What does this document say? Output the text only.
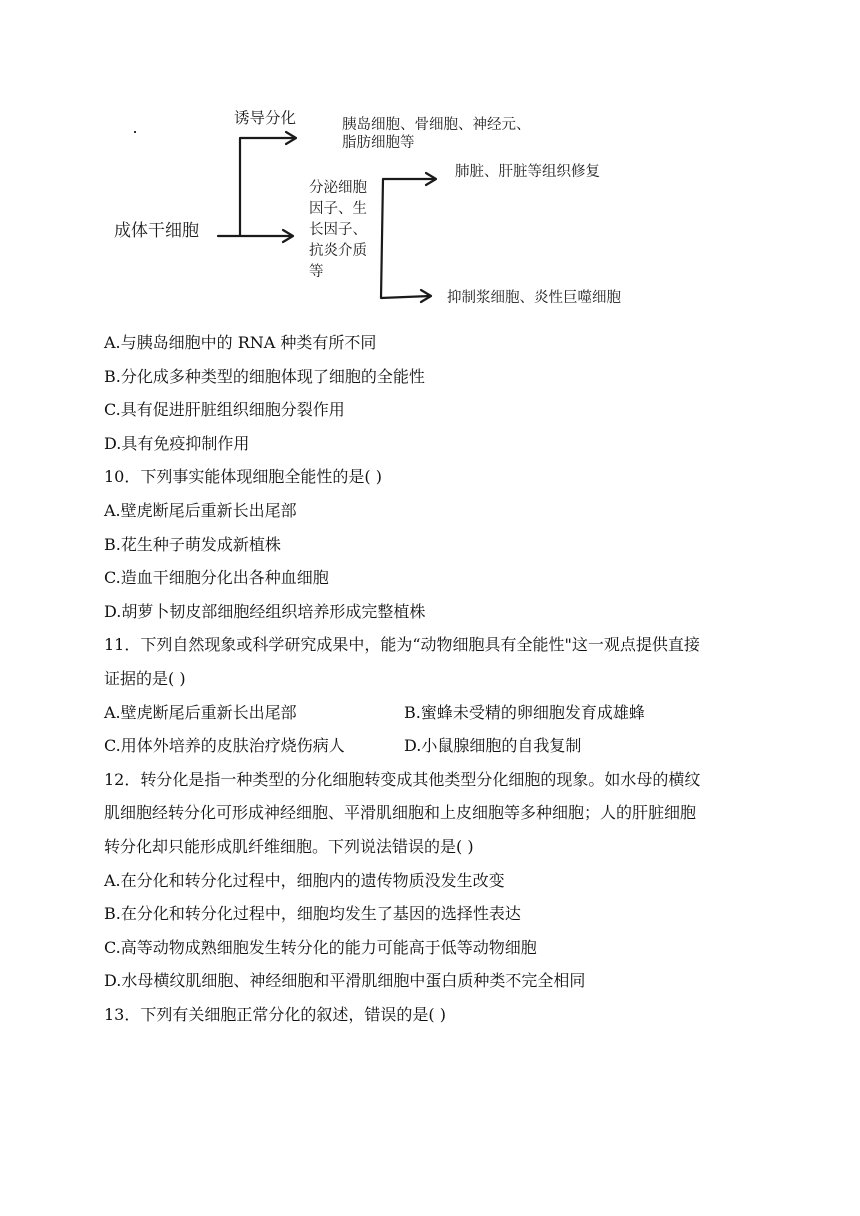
成体干细胞
诱导分化	胰岛细胞、骨细胞、神经元、
脂肪细胞等
分泌细胞因子、生长因子、抗炎介质等
肺脏、肝脏等组织修复
抑制浆细胞、炎性巨噬细胞
A.与胰岛细胞中的 RNA 种类有所不同
B.分化成多种类型的细胞体现了细胞的全能性
C.具有促进肝脏组织细胞分裂作用
D.具有免疫抑制作用
10．下列事实能体现细胞全能性的是( )
A.壁虎断尾后重新长出尾部
B.花生种子萌发成新植株
C.造血干细胞分化出各种血细胞
D.胡萝卜韧皮部细胞经组织培养形成完整植株
11．下列自然现象或科学研究成果中，能为“动物细胞具有全能性"这一观点提供直接
证据的是( )
A.壁虎断尾后重新长出尾部	B.蜜蜂未受精的卵细胞发育成雄蜂
C.用体外培养的皮肤治疗烧伤病人	D.小鼠腺细胞的自我复制
12．转分化是指一种类型的分化细胞转变成其他类型分化细胞的现象。如水母的横纹
肌细胞经转分化可形成神经细胞、平滑肌细胞和上皮细胞等多种细胞；人的肝脏细胞
转分化却只能形成肌纤维细胞。下列说法错误的是( )
A.在分化和转分化过程中，细胞内的遗传物质没发生改变
B.在分化和转分化过程中，细胞均发生了基因的选择性表达
C.高等动物成熟细胞发生转分化的能力可能高于低等动物细胞
D.水母横纹肌细胞、神经细胞和平滑肌细胞中蛋白质种类不完全相同
13．下列有关细胞正常分化的叙述，错误的是( )
